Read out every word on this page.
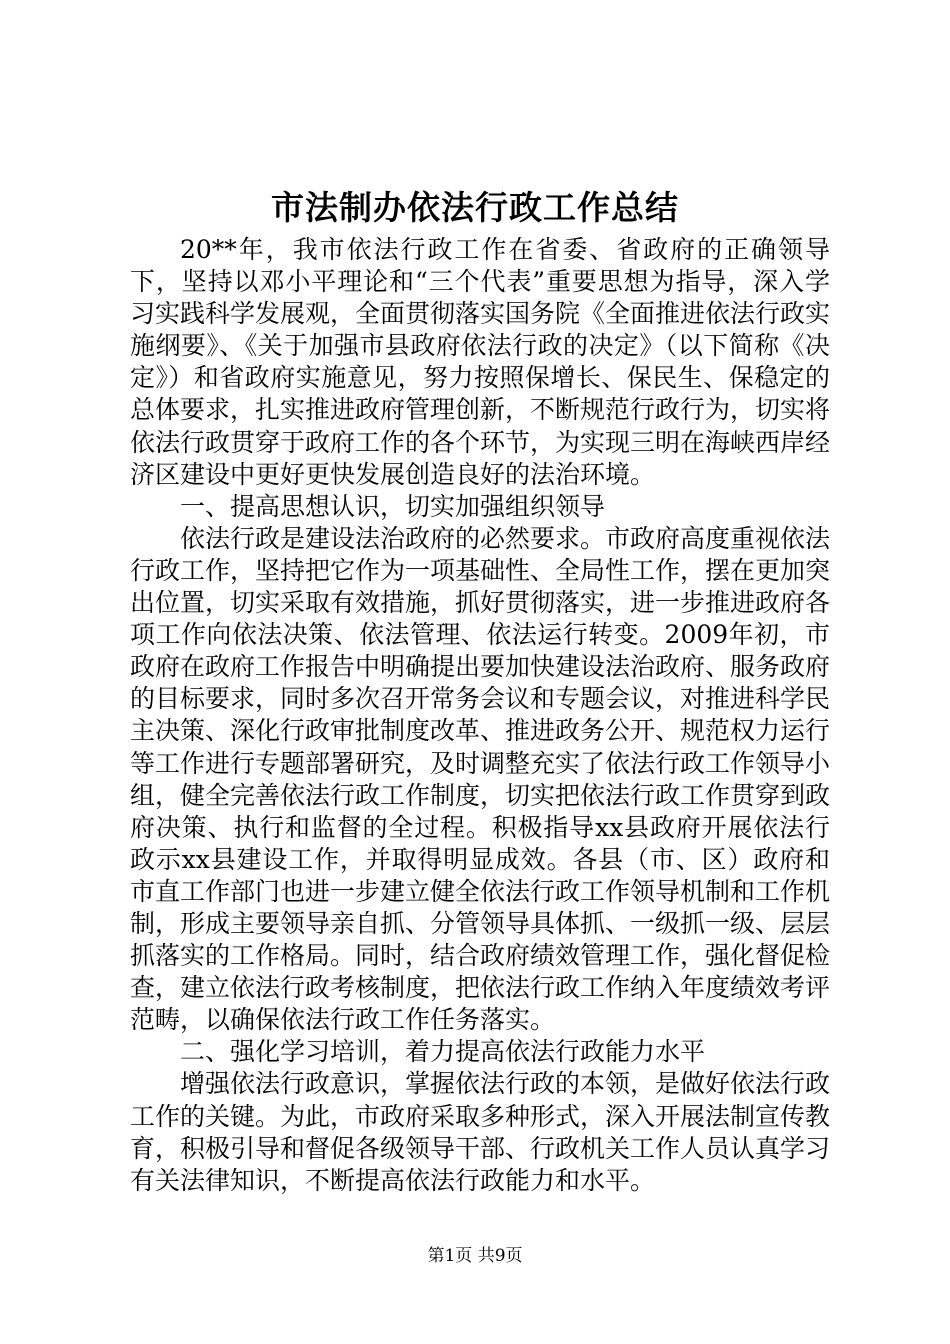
市法制办依法行政工作总结

20**年，我市依法行政工作在省委、省政府的正确领导下，坚持以邓小平理论和“三个代表”重要思想为指导，深入学习实践科学发展观，全面贯彻落实国务院《全面推进依法行政实施纲要》、《关于加强市县政府依法行政的决定》（以下简称《决定》）和省政府实施意见，努力按照保增长、保民生、保稳定的总体要求，扎实推进政府管理创新，不断规范行政行为，切实将依法行政贯穿于政府工作的各个环节，为实现三明在海峡西岸经济区建设中更好更快发展创造良好的法治环境。

一、提高思想认识，切实加强组织领导

依法行政是建设法治政府的必然要求。市政府高度重视依法行政工作，坚持把它作为一项基础性、全局性工作，摆在更加突出位置，切实采取有效措施，抓好贯彻落实，进一步推进政府各项工作向依法决策、依法管理、依法运行转变。2009年初，市政府在政府工作报告中明确提出要加快建设法治政府、服务政府的目标要求，同时多次召开常务会议和专题会议，对推进科学民主决策、深化行政审批制度改革、推进政务公开、规范权力运行等工作进行专题部署研究，及时调整充实了依法行政工作领导小组，健全完善依法行政工作制度，切实把依法行政工作贯穿到政府决策、执行和监督的全过程。积极指导xx县政府开展依法行政示xx县建设工作，并取得明显成效。各县（市、区）政府和市直工作部门也进一步建立健全依法行政工作领导机制和工作机制，形成主要领导亲自抓、分管领导具体抓、一级抓一级、层层抓落实的工作格局。同时，结合政府绩效管理工作，强化督促检查，建立依法行政考核制度，把依法行政工作纳入年度绩效考评范畴，以确保依法行政工作任务落实。

二、强化学习培训，着力提高依法行政能力水平

增强依法行政意识，掌握依法行政的本领，是做好依法行政工作的关键。为此，市政府采取多种形式，深入开展法制宣传教育，积极引导和督促各级领导干部、行政机关工作人员认真学习有关法律知识，不断提高依法行政能力和水平。

第1页 共9页
